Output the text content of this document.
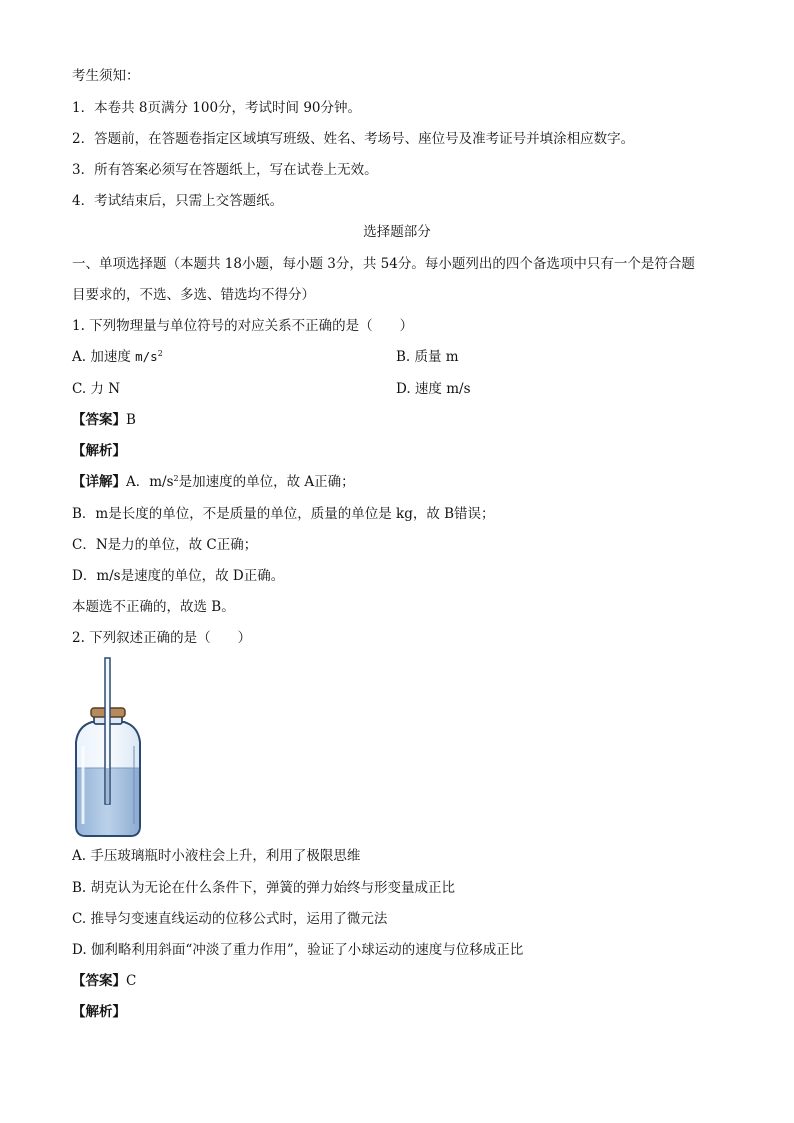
考生须知：
1．本卷共 8页满分 100分，考试时间 90分钟。
2．答题前，在答题卷指定区域填写班级、姓名、考场号、座位号及准考证号并填涂相应数字。
3．所有答案必须写在答题纸上，写在试卷上无效。
4．考试结束后，只需上交答题纸。
选择题部分
一、单项选择题（本题共 18小题，每小题 3分，共 54分。每小题列出的四个备选项中只有一个是符合题
目要求的，不选、多选、错选均不得分）
1. 下列物理量与单位符号的对应关系不正确的是（　　）
A. 加速度 $m/s^2$	B. 质量 m
C. 力 N	D. 速度 m/s
【答案】B
【解析】
【详解】A．$m/s^2$是加速度的单位，故 A正确；
B．m是长度的单位，不是质量的单位，质量的单位是 kg，故 B错误；
C．N是力的单位，故 C正确；
D．m/s是速度的单位，故 D正确。
本题选不正确的，故选 B。
2. 下列叙述正确的是（　　）
A. 手压玻璃瓶时小液柱会上升，利用了极限思维
B. 胡克认为无论在什么条件下，弹簧的弹力始终与形变量成正比
C. 推导匀变速直线运动的位移公式时，运用了微元法
D. 伽利略利用斜面“冲淡了重力作用”，验证了小球运动的速度与位移成正比
【答案】C
【解析】
